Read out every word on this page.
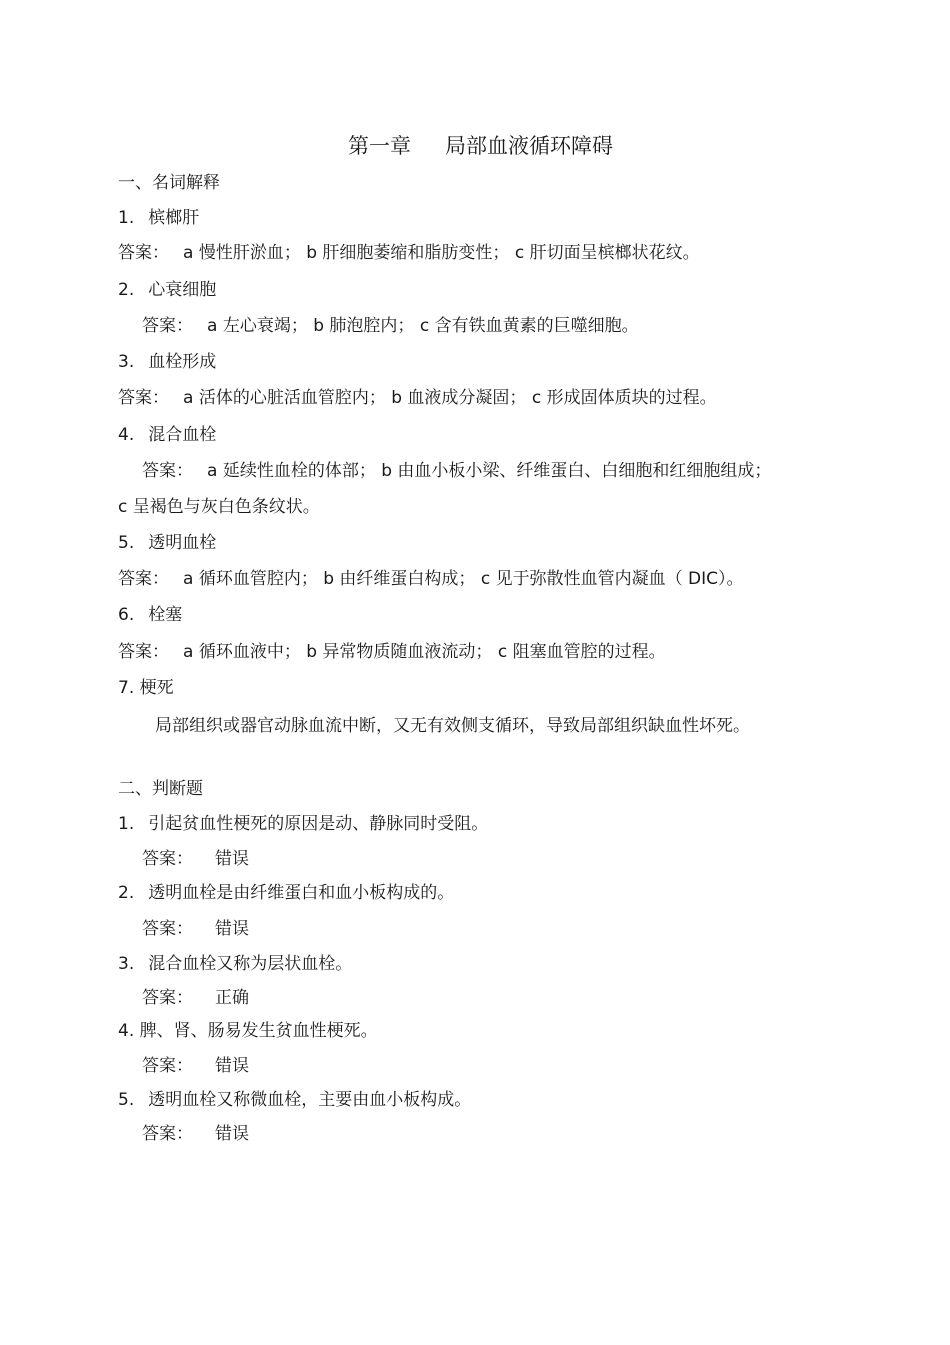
第一章 局部血液循环障碍
一、名词解释
1. 槟榔肝
答案： a 慢性肝淤血； b 肝细胞萎缩和脂肪变性； c 肝切面呈槟榔状花纹。
2. 心衰细胞
答案： a 左心衰竭； b 肺泡腔内； c 含有铁血黄素的巨噬细胞。
3. 血栓形成
答案： a 活体的心脏活血管腔内； b 血液成分凝固； c 形成固体质块的过程。
4. 混合血栓
答案： a 延续性血栓的体部； b 由血小板小梁、纤维蛋白、白细胞和红细胞组成；
c 呈褐色与灰白色条纹状。
5. 透明血栓
答案： a 循环血管腔内； b 由纤维蛋白构成； c 见于弥散性血管内凝血（ DIC）。
6. 栓塞
答案： a 循环血液中； b 异常物质随血液流动； c 阻塞血管腔的过程。
7. 梗死
局部组织或器官动脉血流中断，又无有效侧支循环，导致局部组织缺血性坏死。
二、判断题
1. 引起贫血性梗死的原因是动、静脉同时受阻。
答案： 错误
2. 透明血栓是由纤维蛋白和血小板构成的。
答案： 错误
3. 混合血栓又称为层状血栓。
答案： 正确
4. 脾、肾、肠易发生贫血性梗死。
答案： 错误
5. 透明血栓又称微血栓，主要由血小板构成。
答案： 错误
